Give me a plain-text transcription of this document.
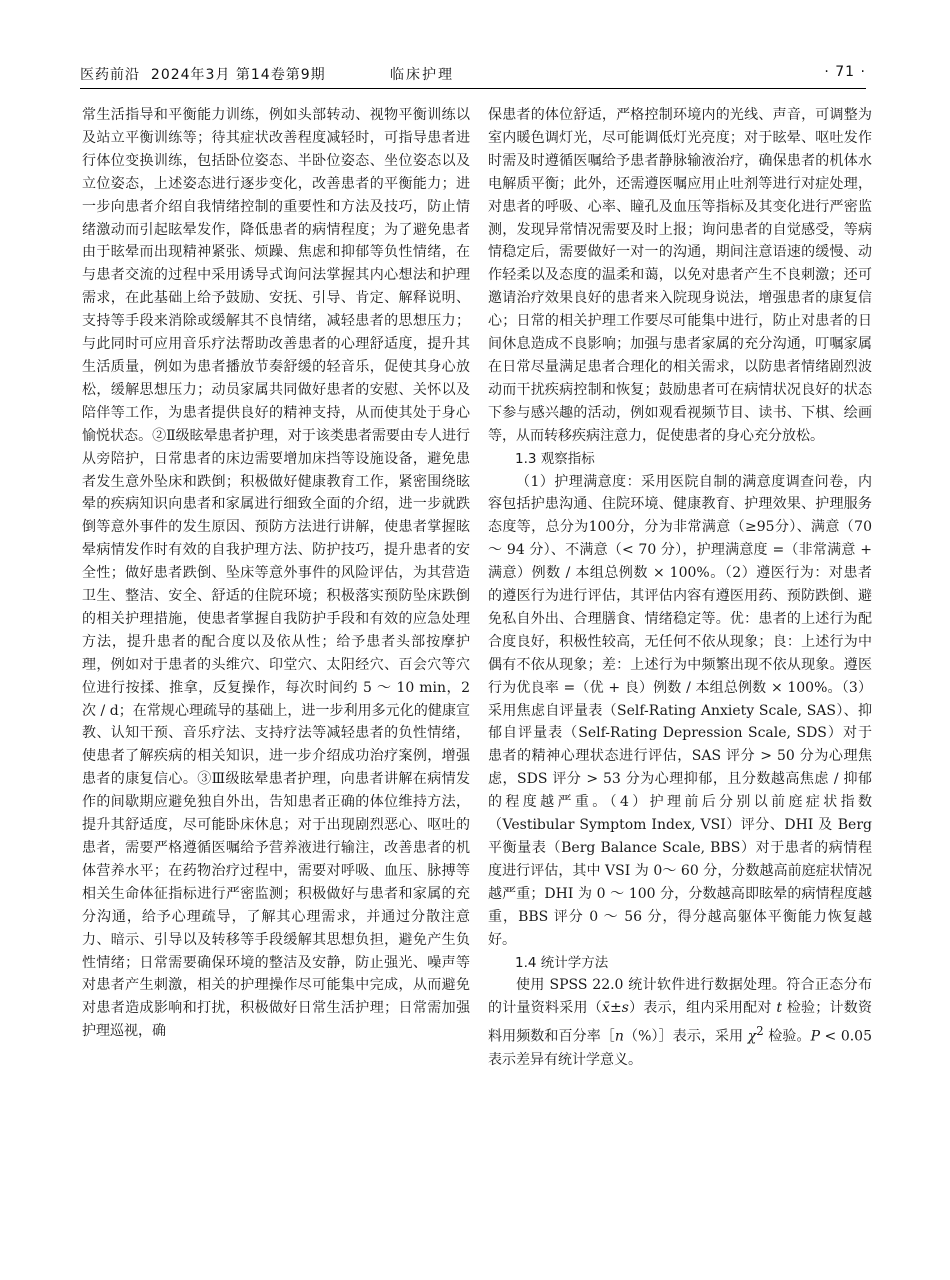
医药前沿 2024年3月 第14卷第9期	临床护理	· 71 ·

常生活指导和平衡能力训练，例如头部转动、视物平衡训练以及站立平衡训练等；待其症状改善程度减轻时，可指导患者进行体位变换训练，包括卧位姿态、半卧位姿态、坐位姿态以及立位姿态，上述姿态进行逐步变化，改善患者的平衡能力；进一步向患者介绍自我情绪控制的重要性和方法及技巧，防止情绪激动而引起眩晕发作，降低患者的病情程度；为了避免患者由于眩晕而出现精神紧张、烦躁、焦虑和抑郁等负性情绪，在与患者交流的过程中采用诱导式询问法掌握其内心想法和护理需求，在此基础上给予鼓励、安抚、引导、肯定、解释说明、支持等手段来消除或缓解其不良情绪，减轻患者的思想压力；与此同时可应用音乐疗法帮助改善患者的心理舒适度，提升其生活质量，例如为患者播放节奏舒缓的轻音乐，促使其身心放松，缓解思想压力；动员家属共同做好患者的安慰、关怀以及陪伴等工作，为患者提供良好的精神支持，从而使其处于身心愉悦状态。②Ⅱ级眩晕患者护理，对于该类患者需要由专人进行从旁陪护，日常患者的床边需要增加床挡等设施设备，避免患者发生意外坠床和跌倒；积极做好健康教育工作，紧密围绕眩晕的疾病知识向患者和家属进行细致全面的介绍，进一步就跌倒等意外事件的发生原因、预防方法进行讲解，使患者掌握眩晕病情发作时有效的自我护理方法、防护技巧，提升患者的安全性；做好患者跌倒、坠床等意外事件的风险评估，为其营造卫生、整洁、安全、舒适的住院环境；积极落实预防坠床跌倒的相关护理措施，使患者掌握自我防护手段和有效的应急处理方法，提升患者的配合度以及依从性；给予患者头部按摩护理，例如对于患者的头维穴、印堂穴、太阳经穴、百会穴等穴位进行按揉、推拿，反复操作，每次时间约 5 ～ 10 min，2 次 / d；在常规心理疏导的基础上，进一步利用多元化的健康宣教、认知干预、音乐疗法、支持疗法等减轻患者的负性情绪，使患者了解疾病的相关知识，进一步介绍成功治疗案例，增强患者的康复信心。③Ⅲ级眩晕患者护理，向患者讲解在病情发作的间歇期应避免独自外出，告知患者正确的体位维持方法，提升其舒适度，尽可能卧床休息；对于出现剧烈恶心、呕吐的患者，需要严格遵循医嘱给予营养液进行输注，改善患者的机体营养水平；在药物治疗过程中，需要对呼吸、血压、脉搏等相关生命体征指标进行严密监测；积极做好与患者和家属的充分沟通，给予心理疏导，了解其心理需求，并通过分散注意力、暗示、引导以及转移等手段缓解其思想负担，避免产生负性情绪；日常需要确保环境的整洁及安静，防止强光、噪声等对患者产生刺激，相关的护理操作尽可能集中完成，从而避免对患者造成影响和打扰，积极做好日常生活护理；日常需加强护理巡视，确

保患者的体位舒适，严格控制环境内的光线、声音，可调整为室内暖色调灯光，尽可能调低灯光亮度；对于眩晕、呕吐发作时需及时遵循医嘱给予患者静脉输液治疗，确保患者的机体水电解质平衡；此外，还需遵医嘱应用止吐剂等进行对症处理，对患者的呼吸、心率、瞳孔及血压等指标及其变化进行严密监测，发现异常情况需要及时上报；询问患者的自觉感受，等病情稳定后，需要做好一对一的沟通，期间注意语速的缓慢、动作轻柔以及态度的温柔和蔼，以免对患者产生不良刺激；还可邀请治疗效果良好的患者来入院现身说法，增强患者的康复信心；日常的相关护理工作要尽可能集中进行，防止对患者的日间休息造成不良影响；加强与患者家属的充分沟通，叮嘱家属在日常尽量满足患者合理化的相关需求，以防患者情绪剧烈波动而干扰疾病控制和恢复；鼓励患者可在病情状况良好的状态下参与感兴趣的活动，例如观看视频节目、读书、下棋、绘画等，从而转移疾病注意力，促使患者的身心充分放松。

1.3 观察指标

（1）护理满意度：采用医院自制的满意度调查问卷，内容包括护患沟通、住院环境、健康教育、护理效果、护理服务态度等，总分为100分，分为非常满意（≥95分）、满意（70 ～ 94 分）、不满意（< 70 分），护理满意度 =（非常满意 + 满意）例数 / 本组总例数 × 100%。（2）遵医行为：对患者的遵医行为进行评估，其评估内容有遵医用药、预防跌倒、避免私自外出、合理膳食、情绪稳定等。优：患者的上述行为配合度良好，积极性较高，无任何不依从现象；良：上述行为中偶有不依从现象；差：上述行为中频繁出现不依从现象。遵医行为优良率 =（优 + 良）例数 / 本组总例数 × 100%。（3）采用焦虑自评量表（Self-Rating Anxiety Scale, SAS）、抑郁自评量表（Self-Rating Depression Scale, SDS）对于患者的精神心理状态进行评估，SAS 评分 > 50 分为心理焦虑，SDS 评分 > 53 分为心理抑郁，且分数越高焦虑 / 抑郁的程度越严重。（4）护理前后分别以前庭症状指数（Vestibular Symptom Index, VSI）评分、DHI 及 Berg 平衡量表（Berg Balance Scale, BBS）对于患者的病情程度进行评估，其中 VSI 为 0～ 60 分，分数越高前庭症状情况越严重；DHI 为 0 ～ 100 分，分数越高即眩晕的病情程度越重，BBS 评分 0 ～ 56 分，得分越高躯体平衡能力恢复越好。

1.4 统计学方法

使用 SPSS 22.0 统计软件进行数据处理。符合正态分布的计量资料采用（x̄±s）表示，组内采用配对 t 检验；计数资料用频数和百分率［n（%）］表示，采用 $\chi^2$ 检验。P < 0.05 表示差异有统计学意义。
